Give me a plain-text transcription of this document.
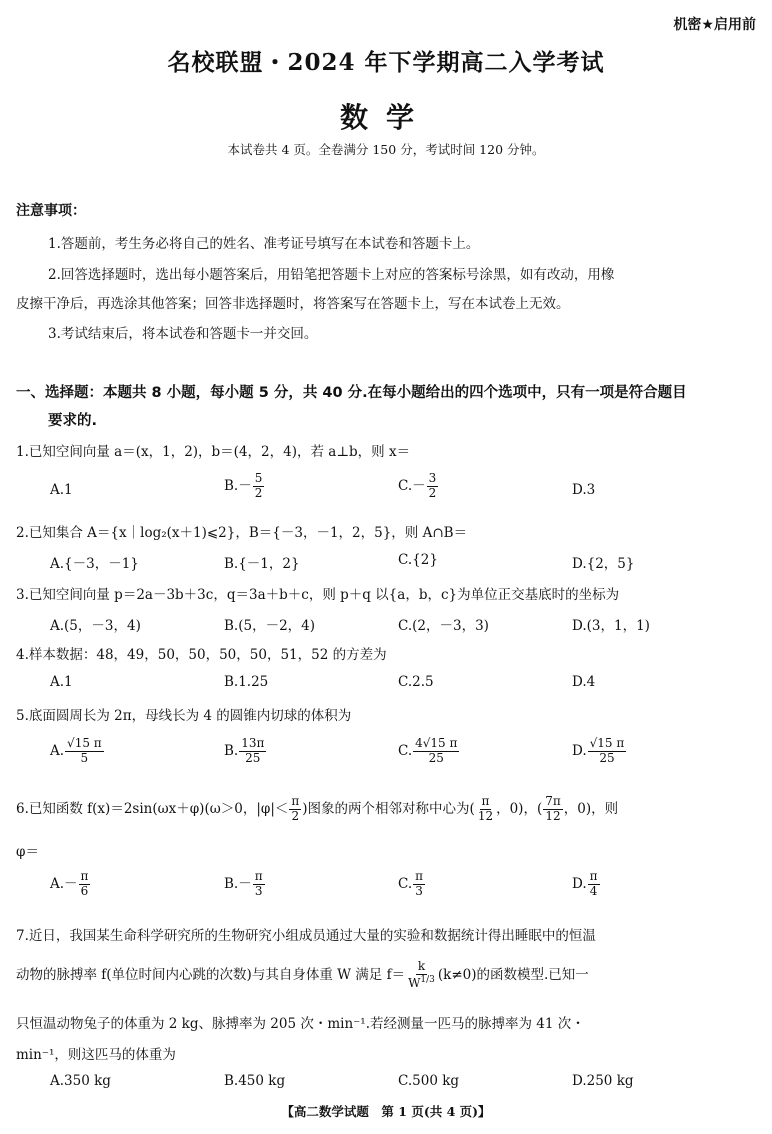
机密★启用前
名校联盟・2024 年下学期高二入学考试
数学
本试卷共 4 页。全卷满分 150 分，考试时间 120 分钟。
注意事项：
1.答题前，考生务必将自己的姓名、准考证号填写在本试卷和答题卡上。
2.回答选择题时，选出每小题答案后，用铅笔把答题卡上对应的答案标号涂黑，如有改动，用橡
皮擦干净后，再选涂其他答案；回答非选择题时，将答案写在答题卡上，写在本试卷上无效。
3.考试结束后，将本试卷和答题卡一并交回。
一、选择题：本题共 8 小题，每小题 5 分，共 40 分.在每小题给出的四个选项中，只有一项是符合题目
要求的.
1.已知空间向量 a＝(x，1，2)，b＝(4，2，4)，若 a⊥b，则 x＝
A.1	$B.- \frac{5}{2}$	$C.- \frac{3}{2}$	D.3
2.已知集合 A＝{x｜log₂(x＋1)⩽2}，B＝{－3，－1，2，5}，则 A∩B＝
A.{－3，－1}	B.{－1，2}	C.{2}	D.{2，5}
3.已知空间向量 p＝2a－3b＋3c，q＝3a＋b＋c，则 p＋q 以{a，b，c}为单位正交基底时的坐标为
A.(5，－3，4)	B.(5，－2，4)	C.(2，－3，3)	D.(3，1，1)
4.样本数据：48，49，50，50，50，50，51，52 的方差为
A.1	B.1.25	C.2.5	D.4
5.底面圆周长为 2π，母线长为 4 的圆锥内切球的体积为
A. $\frac{√15 \pi}{5}$	B. $\frac{13\pi}{25}$	C. $\frac{4√15 \pi}{25}$	D. $\frac{√15 \pi}{25}$
6.已知函数 f(x)＝2sin(ωx＋φ)(ω＞0，$|\varphi|< \frac{\pi}{2}$ )图象的两个相邻对称中心为( $\frac{\pi}{12}$ ，0)，( $\frac{7\pi}{12}$ ，0)，则
φ＝
$A.- \frac{\pi}{6}$	$B.- \frac{\pi}{3}$	C. $\frac{\pi}{3}$	D. $\frac{\pi}{4}$
7.近日，我国某生命科学研究所的生物研究小组成员通过大量的实验和数据统计得出睡眠中的恒温
动物的脉搏率 f(单位时间内心跳的次数)与其自身体重 W 满足 $f= \frac{k}{W^{1/3}} (k\ne 0)$的函数模型.已知一
只恒温动物兔子的体重为 2 kg、脉搏率为 205 次・min⁻¹.若经测量一匹马的脉搏率为 41 次・
min⁻¹，则这匹马的体重为
A.350 kg	B.450 kg	C.500 kg	D.250 kg
【高二数学试题　第 1 页(共 4 页)】
